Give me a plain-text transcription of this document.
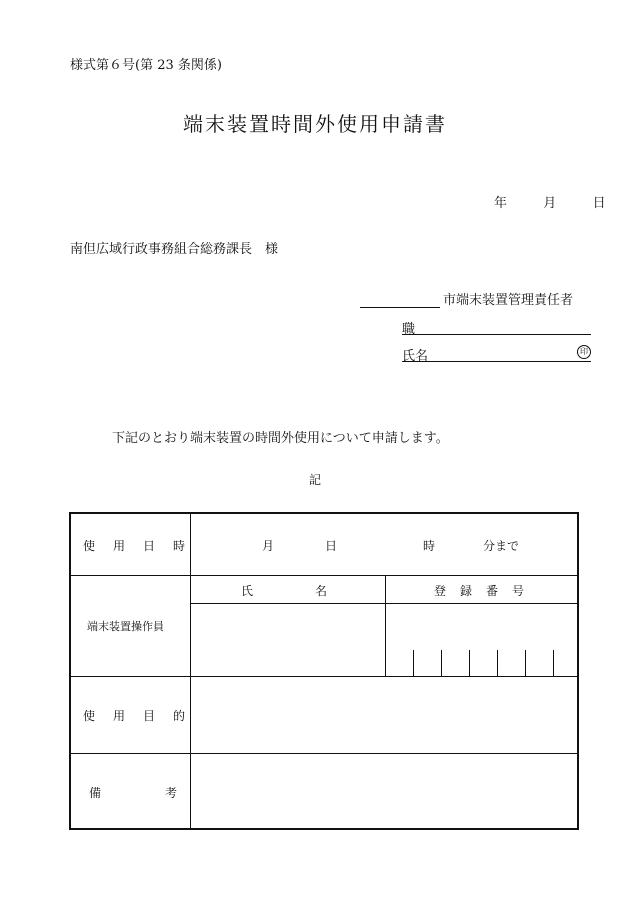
様式第６号(第 23 条関係)
端末装置時間外使用申請書
年	月	日
南但広域行政事務組合総務課長　様
市端末装置管理責任者
職
氏名	印
下記のとおり端末装置の時間外使用について申請します。
記
使 用 日 時	月	日	時	分まで
端末装置操作員
氏	名	登 録 番 号
使 用 目 的
備	考
